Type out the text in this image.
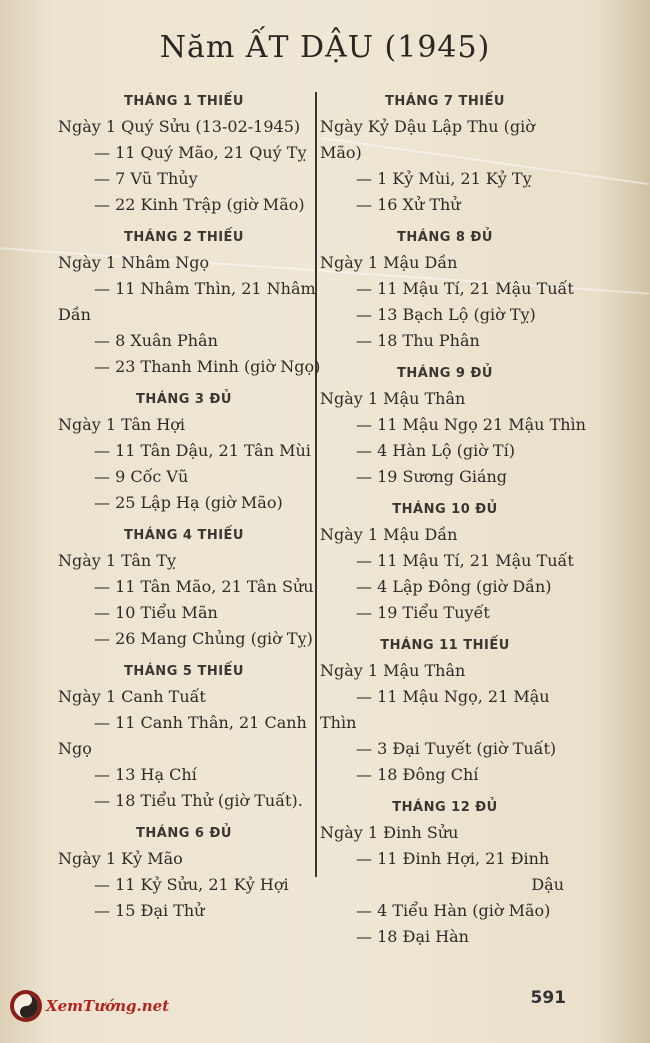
Năm ẤT DẬU (1945)
THÁNG 1 THIẾU
Ngày 1 Quý Sửu (13-02-1945)
— 11 Quý Mão, 21 Quý Tỵ
— 7 Vũ Thủy
— 22 Kinh Trập (giờ Mão)
THÁNG 2 THIẾU
Ngày 1 Nhâm Ngọ
— 11 Nhâm Thìn, 21 Nhâm
Dần
— 8 Xuân Phân
— 23 Thanh Minh (giờ Ngọ)
THÁNG 3 ĐỦ
Ngày 1 Tân Hợi
— 11 Tân Dậu, 21 Tân Mùi
— 9 Cốc Vũ
— 25 Lập Hạ (giờ Mão)
THÁNG 4 THIẾU
Ngày 1 Tân Tỵ
— 11 Tân Mão, 21 Tân Sửu
— 10 Tiểu Mãn
— 26 Mang Chủng (giờ Tỵ)
THÁNG 5 THIẾU
Ngày 1 Canh Tuất
— 11 Canh Thân, 21 Canh
Ngọ
— 13 Hạ Chí
— 18 Tiểu Thử (giờ Tuất).
THÁNG 6 ĐỦ
Ngày 1 Kỷ Mão
— 11 Kỷ Sửu, 21 Kỷ Hợi
— 15 Đại Thử
THÁNG 7 THIẾU
Ngày Kỷ Dậu Lập Thu (giờ
Mão)
— 1 Kỷ Mùi, 21 Kỷ Tỵ
— 16 Xử Thử
THÁNG 8 ĐỦ
Ngày 1 Mậu Dần
— 11 Mậu Tí, 21 Mậu Tuất
— 13 Bạch Lộ (giờ Tỵ)
— 18 Thu Phân
THÁNG 9 ĐỦ
Ngày 1 Mậu Thân
— 11 Mậu Ngọ 21 Mậu Thìn
— 4 Hàn Lộ (giờ Tí)
— 19 Sương Giáng
THÁNG 10 ĐỦ
Ngày 1 Mậu Dần
— 11 Mậu Tí, 21 Mậu Tuất
— 4 Lập Đông (giờ Dần)
— 19 Tiểu Tuyết
THÁNG 11 THIẾU
Ngày 1 Mậu Thân
— 11 Mậu Ngọ, 21 Mậu
Thìn
— 3 Đại Tuyết (giờ Tuất)
— 18 Đông Chí
THÁNG 12 ĐỦ
Ngày 1 Đinh Sửu
— 11 Đinh Hợi, 21 Đinh
Dậu
— 4 Tiểu Hàn (giờ Mão)
— 18 Đại Hàn
XemTướng.net	591
